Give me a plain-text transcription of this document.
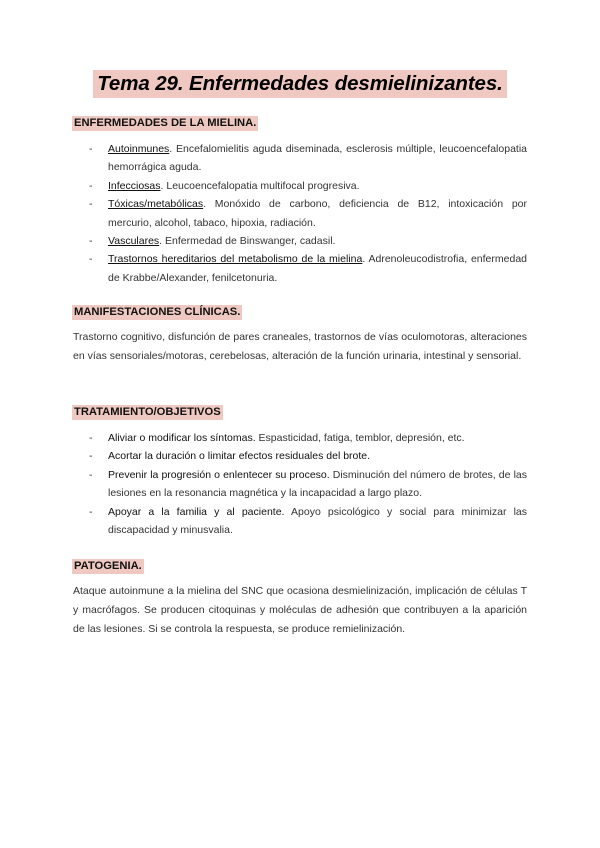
Tema 29. Enfermedades desmielinizantes.
ENFERMEDADES DE LA MIELINA.
- Autoinmunes. Encefalomielitis aguda diseminada, esclerosis múltiple, leucoencefalopatia hemorrágica aguda.
- Infecciosas. Leucoencefalopatia multifocal progresiva.
- Tóxicas/metabólicas. Monóxido de carbono, deficiencia de B12, intoxicación por mercurio, alcohol, tabaco, hipoxia, radiación.
- Vasculares. Enfermedad de Binswanger, cadasil.
- Trastornos hereditarios del metabolismo de la mielina. Adrenoleucodistrofia, enfermedad de Krabbe/Alexander, fenilcetonuria.
MANIFESTACIONES CLÍNICAS.
Trastorno cognitivo, disfunción de pares craneales, trastornos de vías oculomotoras, alteraciones en vías sensoriales/motoras, cerebelosas, alteración de la función urinaria, intestinal y sensorial.
TRATAMIENTO/OBJETIVOS
- Aliviar o modificar los síntomas. Espasticidad, fatiga, temblor, depresión, etc.
- Acortar la duración o limitar efectos residuales del brote.
- Prevenir la progresión o enlentecer su proceso. Disminución del número de brotes, de las lesiones en la resonancia magnética y la incapacidad a largo plazo.
- Apoyar a la familia y al paciente. Apoyo psicológico y social para minimizar las discapacidad y minusvalia.
PATOGENIA.
Ataque autoinmune a la mielina del SNC que ocasiona desmielinización, implicación de células T y macrófagos. Se producen citoquinas y moléculas de adhesión que contribuyen a la aparición de las lesiones. Si se controla la respuesta, se produce remielinización.
